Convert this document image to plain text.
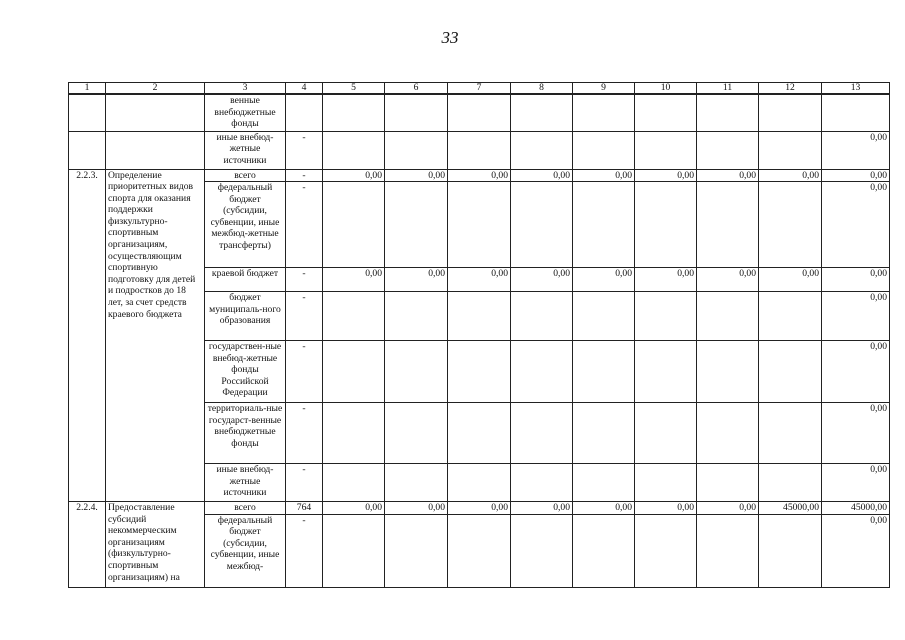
33
1	2	3	4	5	6	7	8	9	10	11	12	13
		венные внебюджетные фонды										
		иные внебюд-жетные источники	-									0,00
2.2.3.	Определение приоритетных видов спорта для оказания поддержки физкультурно-спортивным организациям, осуществляющим спортивную подготовку для детей и подростков до 18 лет, за счет средств краевого бюджета	всего	-	0,00	0,00	0,00	0,00	0,00	0,00	0,00	0,00	0,00
		федеральный бюджет (субсидии, субвенции, иные межбюд-жетные трансферты)	-									0,00
		краевой бюджет	-	0,00	0,00	0,00	0,00	0,00	0,00	0,00	0,00	0,00
		бюджет муниципаль-ного образования	-									0,00
		государствен-ные внебюд-жетные фонды Российской Федерации	-									0,00
		территориаль-ные государст-венные внебюджетные фонды	-									0,00
		иные внебюд-жетные источники	-									0,00
2.2.4.	Предоставление субсидий некоммерческим организациям (физкультурно-спортивным организациям) на	всего	764	0,00	0,00	0,00	0,00	0,00	0,00	0,00	45000,00	45000,00
		федеральный бюджет (субсидии, субвенции, иные межбюд-	-									0,00
